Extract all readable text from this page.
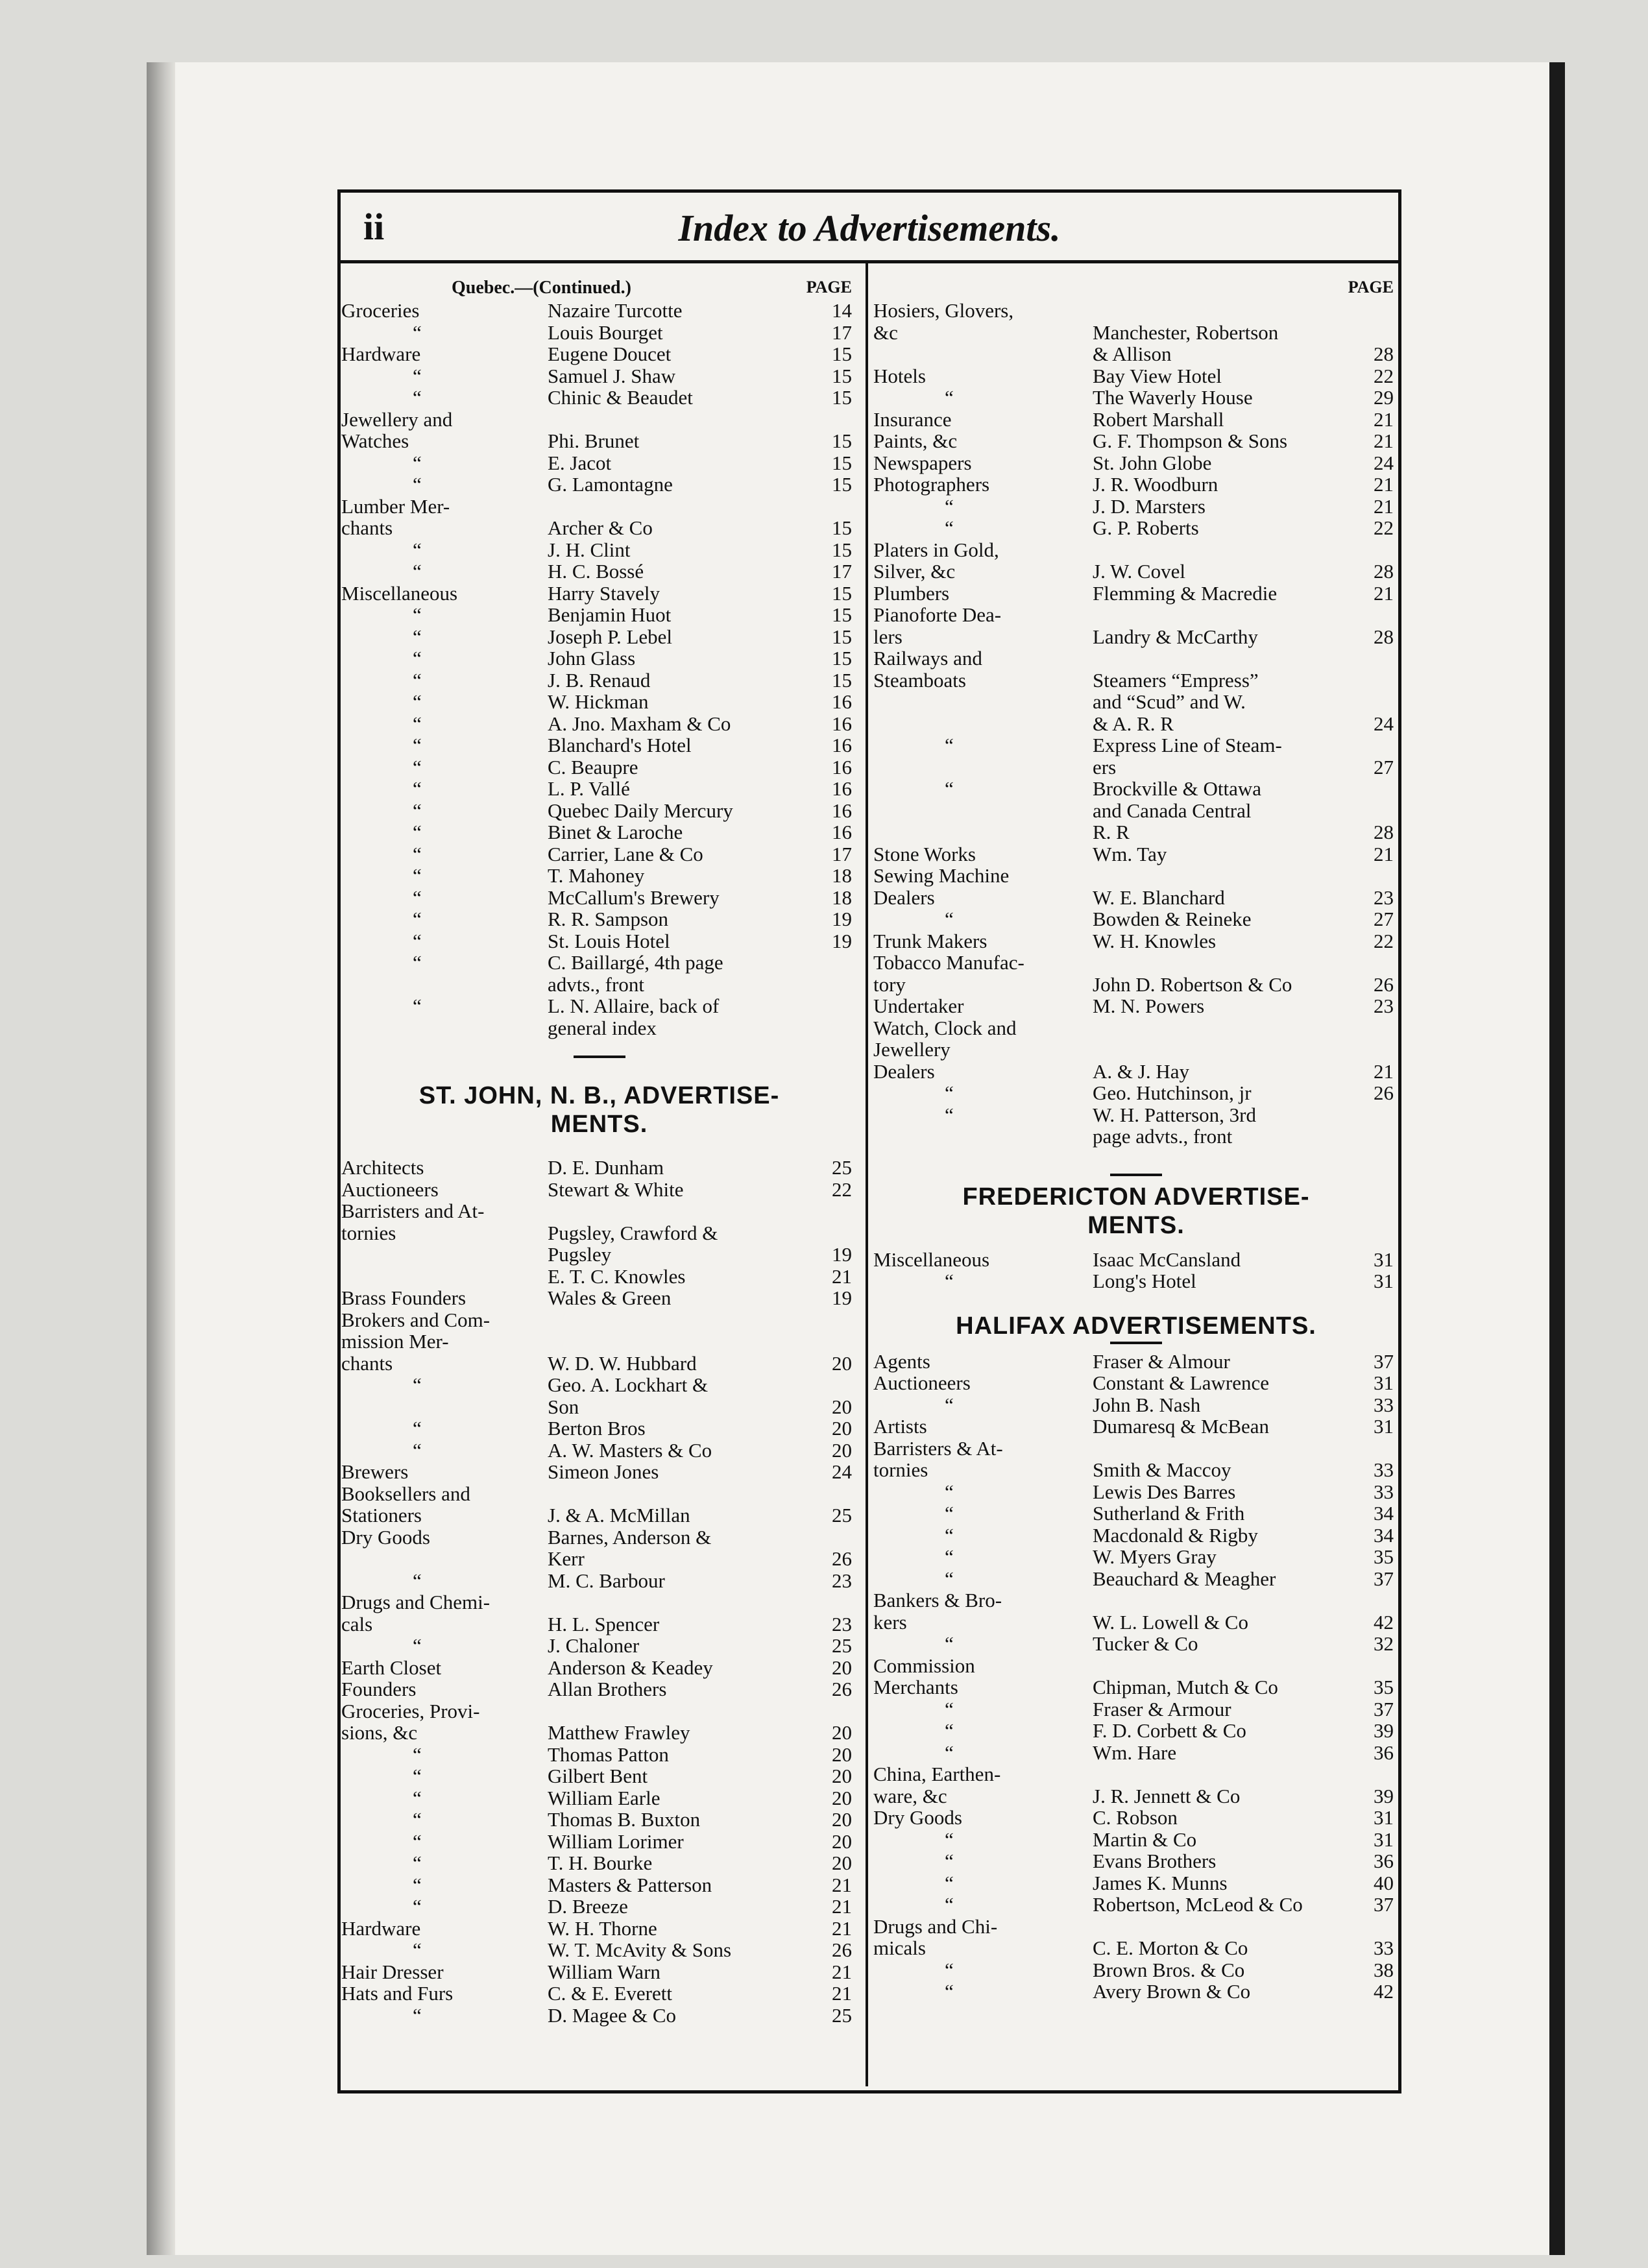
ii	Index to Advertisements.
Quebec.—(Continued.)	PAGE
Groceries	Nazaire Turcotte	14
“	Louis Bourget	17
Hardware	Eugene Doucet	15
“	Samuel J. Shaw	15
“	Chinic & Beaudet	15
Jewellery and
Watches	Phi. Brunet	15
“	E. Jacot	15
“	G. Lamontagne	15
Lumber Mer-
chants	Archer & Co	15
“	J. H. Clint	15
“	H. C. Bossé	17
Miscellaneous	Harry Stavely	15
“	Benjamin Huot	15
“	Joseph P. Lebel	15
“	John Glass	15
“	J. B. Renaud	15
“	W. Hickman	16
“	A. Jno. Maxham & Co	16
“	Blanchard's Hotel	16
“	C. Beaupre	16
“	L. P. Vallé	16
“	Quebec Daily Mercury	16
“	Binet & Laroche	16
“	Carrier, Lane & Co	17
“	T. Mahoney	18
“	McCallum's Brewery	18
“	R. R. Sampson	19
“	St. Louis Hotel	19
“	C. Baillargé, 4th page
advts., front
“	L. N. Allaire, back of
general index
ST. JOHN, N. B., ADVERTISE-
MENTS.
Architects	D. E. Dunham	25
Auctioneers	Stewart & White	22
Barristers and At-
tornies	Pugsley, Crawford &
Pugsley	19
E. T. C. Knowles	21
Brass Founders	Wales & Green	19
Brokers and Com-
mission Mer-
chants	W. D. W. Hubbard	20
“	Geo. A. Lockhart &
Son	20
“	Berton Bros	20
“	A. W. Masters & Co	20
Brewers	Simeon Jones	24
Booksellers and
Stationers	J. & A. McMillan	25
Dry Goods	Barnes, Anderson &
Kerr	26
“	M. C. Barbour	23
Drugs and Chemi-
cals	H. L. Spencer	23
“	J. Chaloner	25
Earth Closet	Anderson & Keadey	20
Founders	Allan Brothers	26
Groceries, Provi-
sions, &c	Matthew Frawley	20
“	Thomas Patton	20
“	Gilbert Bent	20
“	William Earle	20
“	Thomas B. Buxton	20
“	William Lorimer	20
“	T. H. Bourke	20
“	Masters & Patterson	21
“	D. Breeze	21
Hardware	W. H. Thorne	21
“	W. T. McAvity & Sons	26
Hair Dresser	William Warn	21
Hats and Furs	C. & E. Everett	21
“	D. Magee & Co	25
PAGE
Hosiers, Glovers,
&c	Manchester, Robertson
& Allison	28
Hotels	Bay View Hotel	22
“	The Waverly House	29
Insurance	Robert Marshall	21
Paints, &c	G. F. Thompson & Sons	21
Newspapers	St. John Globe	24
Photographers	J. R. Woodburn	21
“	J. D. Marsters	21
“	G. P. Roberts	22
Platers in Gold,
Silver, &c	J. W. Covel	28
Plumbers	Flemming & Macredie	21
Pianoforte Dea-
lers	Landry & McCarthy	28
Railways and
Steamboats	Steamers “Empress”
and “Scud” and W.
& A. R. R	24
“	Express Line of Steam-
ers	27
“	Brockville & Ottawa
and Canada Central
R. R	28
Stone Works	Wm. Tay	21
Sewing Machine
Dealers	W. E. Blanchard	23
“	Bowden & Reineke	27
Trunk Makers	W. H. Knowles	22
Tobacco Manufac-
tory	John D. Robertson & Co	26
Undertaker	M. N. Powers	23
Watch, Clock and
Jewellery
Dealers	A. & J. Hay	21
“	Geo. Hutchinson, jr	26
“	W. H. Patterson, 3rd
page advts., front
FREDERICTON ADVERTISE-
MENTS.
Miscellaneous	Isaac McCansland	31
“	Long's Hotel	31
HALIFAX ADVERTISEMENTS.
Agents	Fraser & Almour	37
Auctioneers	Constant & Lawrence	31
“	John B. Nash	33
Artists	Dumaresq & McBean	31
Barristers & At-
tornies	Smith & Maccoy	33
“	Lewis Des Barres	33
“	Sutherland & Frith	34
“	Macdonald & Rigby	34
“	W. Myers Gray	35
“	Beauchard & Meagher	37
Bankers & Bro-
kers	W. L. Lowell & Co	42
“	Tucker & Co	32
Commission
Merchants	Chipman, Mutch & Co	35
“	Fraser & Armour	37
“	F. D. Corbett & Co	39
“	Wm. Hare	36
China, Earthen-
ware, &c	J. R. Jennett & Co	39
Dry Goods	C. Robson	31
“	Martin & Co	31
“	Evans Brothers	36
“	James K. Munns	40
“	Robertson, McLeod & Co	37
Drugs and Chi-
micals	C. E. Morton & Co	33
“	Brown Bros. & Co	38
“	Avery Brown & Co	42
